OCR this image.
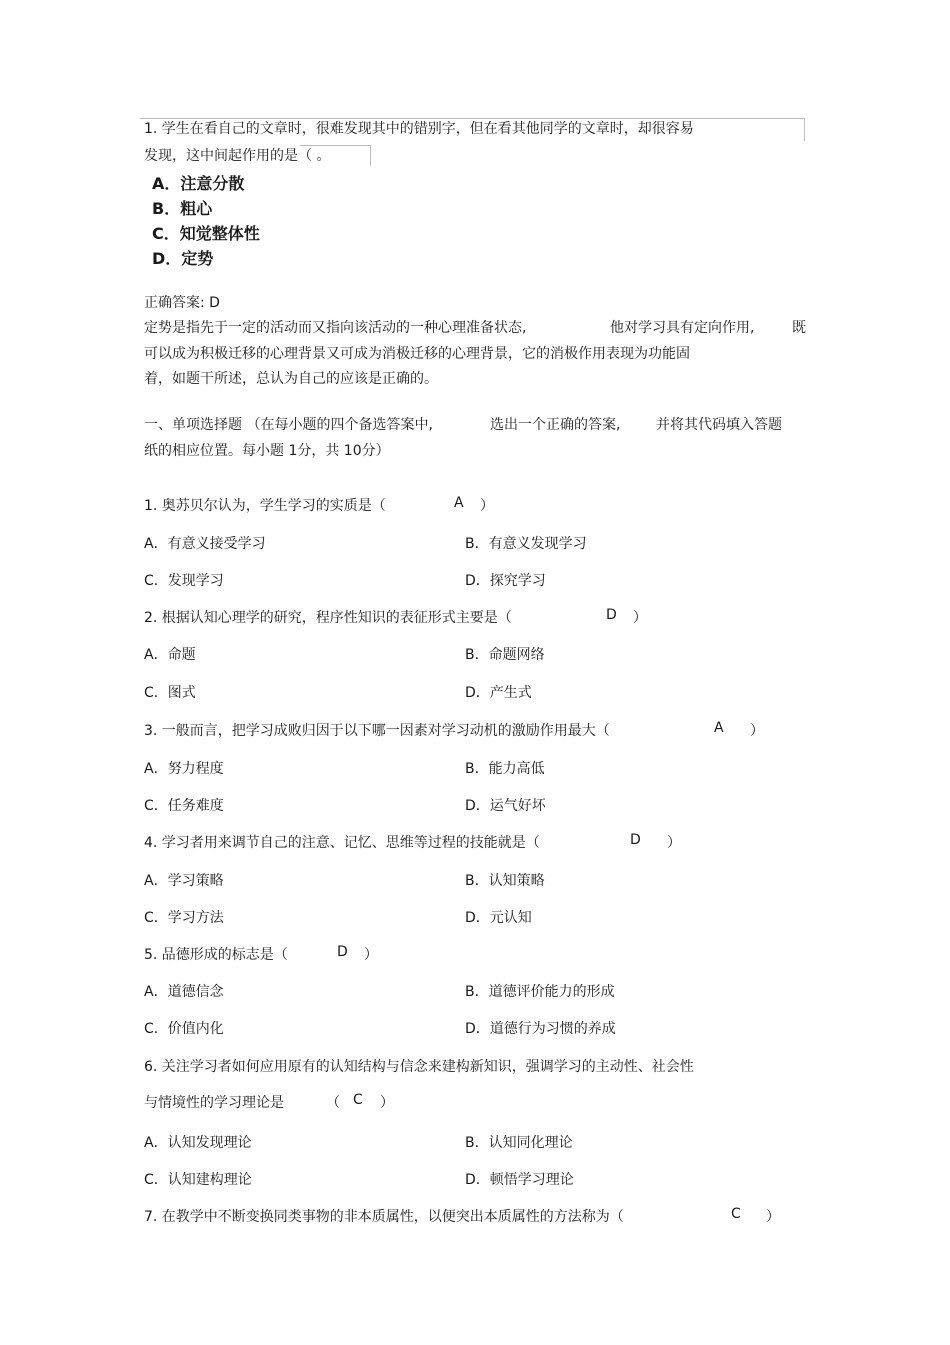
1. 学生在看自己的文章时，很难发现其中的错别字，但在看其他同学的文章时，却很容易
发现，这中间起作用的是（ 。
A．注意分散
B．粗心
C．知觉整体性
D．定势
正确答案: D
定势是指先于一定的活动而又指向该活动的一种心理准备状态,	他对学习具有定向作用,	既
可以成为积极迁移的心理背景又可成为消极迁移的心理背景，它的消极作用表现为功能固
着，如题干所述，总认为自己的应该是正确的。
一、单项选择题 （在每小题的四个备选答案中,	选出一个正确的答案,	并将其代码填入答题
纸的相应位置。每小题 1分，共 10分）
1. 奥苏贝尔认为，学生学习的实质是（	A ）
A．有意义接受学习	B．有意义发现学习
C．发现学习	D．探究学习
2. 根据认知心理学的研究，程序性知识的表征形式主要是（	D ）
A．命题	B．命题网络
C．图式	D．产生式
3. 一般而言，把学习成败归因于以下哪一因素对学习动机的激励作用最大（	A ）
A．努力程度	B．能力高低
C．任务难度	D．运气好坏
4. 学习者用来调节自己的注意、记忆、思维等过程的技能就是（	D ）
A．学习策略	B．认知策略
C．学习方法	D．元认知
5. 品德形成的标志是（	D ）
A．道德信念	B．道德评价能力的形成
C．价值内化	D．道德行为习惯的养成
6. 关注学习者如何应用原有的认知结构与信念来建构新知识，强调学习的主动性、社会性
与情境性的学习理论是	（ C ）
A．认知发现理论	B．认知同化理论
C．认知建构理论	D．顿悟学习理论
7. 在教学中不断变换同类事物的非本质属性，以便突出本质属性的方法称为（	C ）
